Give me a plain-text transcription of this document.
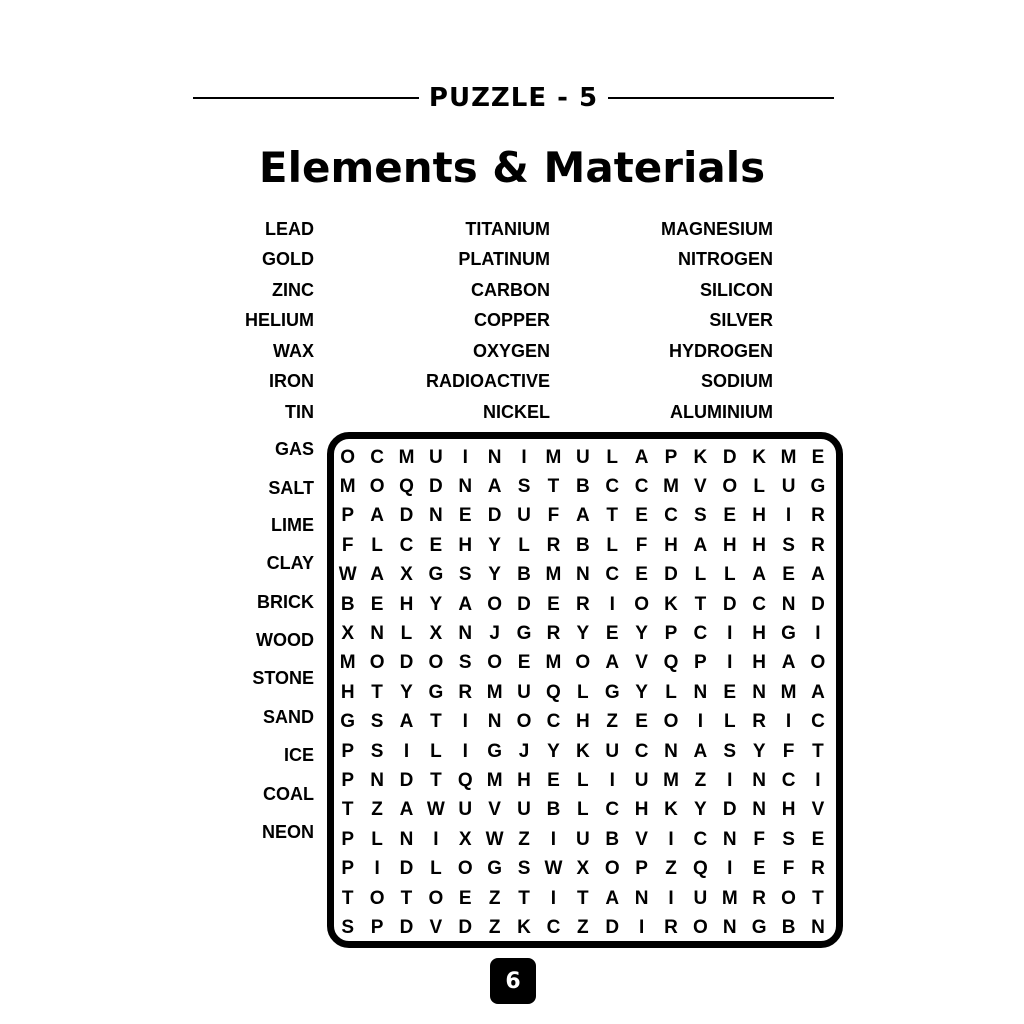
PUZZLE - 5
Elements & Materials
LEAD
GOLD
ZINC
HELIUM
WAX
IRON
TIN
GAS
SALT
LIME
CLAY
BRICK
WOOD
STONE
SAND
ICE
COAL
NEON
TITANIUM
PLATINUM
CARBON
COPPER
OXYGEN
RADIOACTIVE
NICKEL
MAGNESIUM
NITROGEN
SILICON
SILVER
HYDROGEN
SODIUM
ALUMINIUM
O C M U	I	N	I M U L A P K D K M E
M O Q D N A S T B C C M V O L U G
P A D N E D U F A T E C S E H	I	R
F L C E H Y L R B L F H A H H S R
W A X G S Y B M N C E D L L A E A
B E H Y A O D E R	I	O K T D C N D
X N L X N J G R Y E Y P C	I	H G	I
M O D O S O E M O A V Q P	I	H A O
H T Y G R M U Q L G Y L N E N M A
G S A T	I	N O C H Z E O	I	L R	I	C
P S	I	L	I	G J Y K U C N A S Y F T
P N D T Q M H E L	I	U M Z	I	N C	I
T Z A W U V U B L C H K Y D N H V
P L N	I	X W Z	I	U B V	I	C N F S E
P	I	D L O G S W X O P Z Q	I	E F R
T O T O E Z T	I	T A N	I	U M R O T
S P D V D Z K C Z D	I	R O N G B N
6
